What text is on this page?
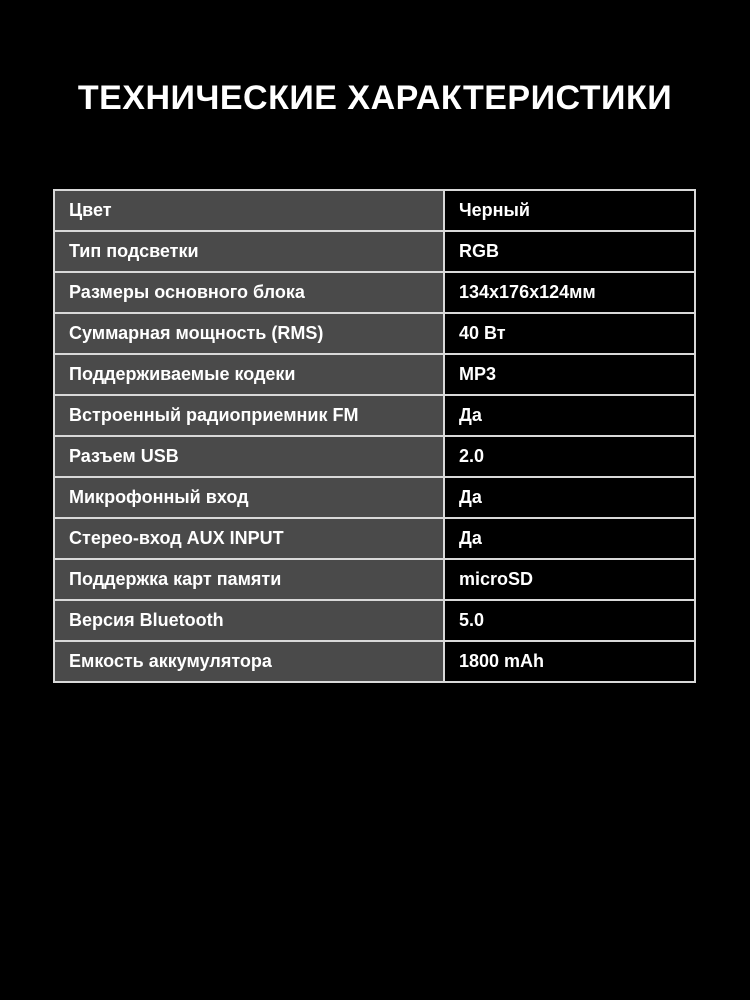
ТЕХНИЧЕСКИЕ ХАРАКТЕРИСТИКИ
Цвет	Черный
Тип подсветки	RGB
Размеры основного блока	134x176x124мм
Суммарная мощность (RMS)	40 Вт
Поддерживаемые кодеки	MP3
Встроенный радиоприемник FM	Да
Разъем USB	2.0
Микрофонный вход	Да
Стерео-вход AUX INPUT	Да
Поддержка карт памяти	microSD
Версия Bluetooth	5.0
Емкость аккумулятора	1800 mAh
